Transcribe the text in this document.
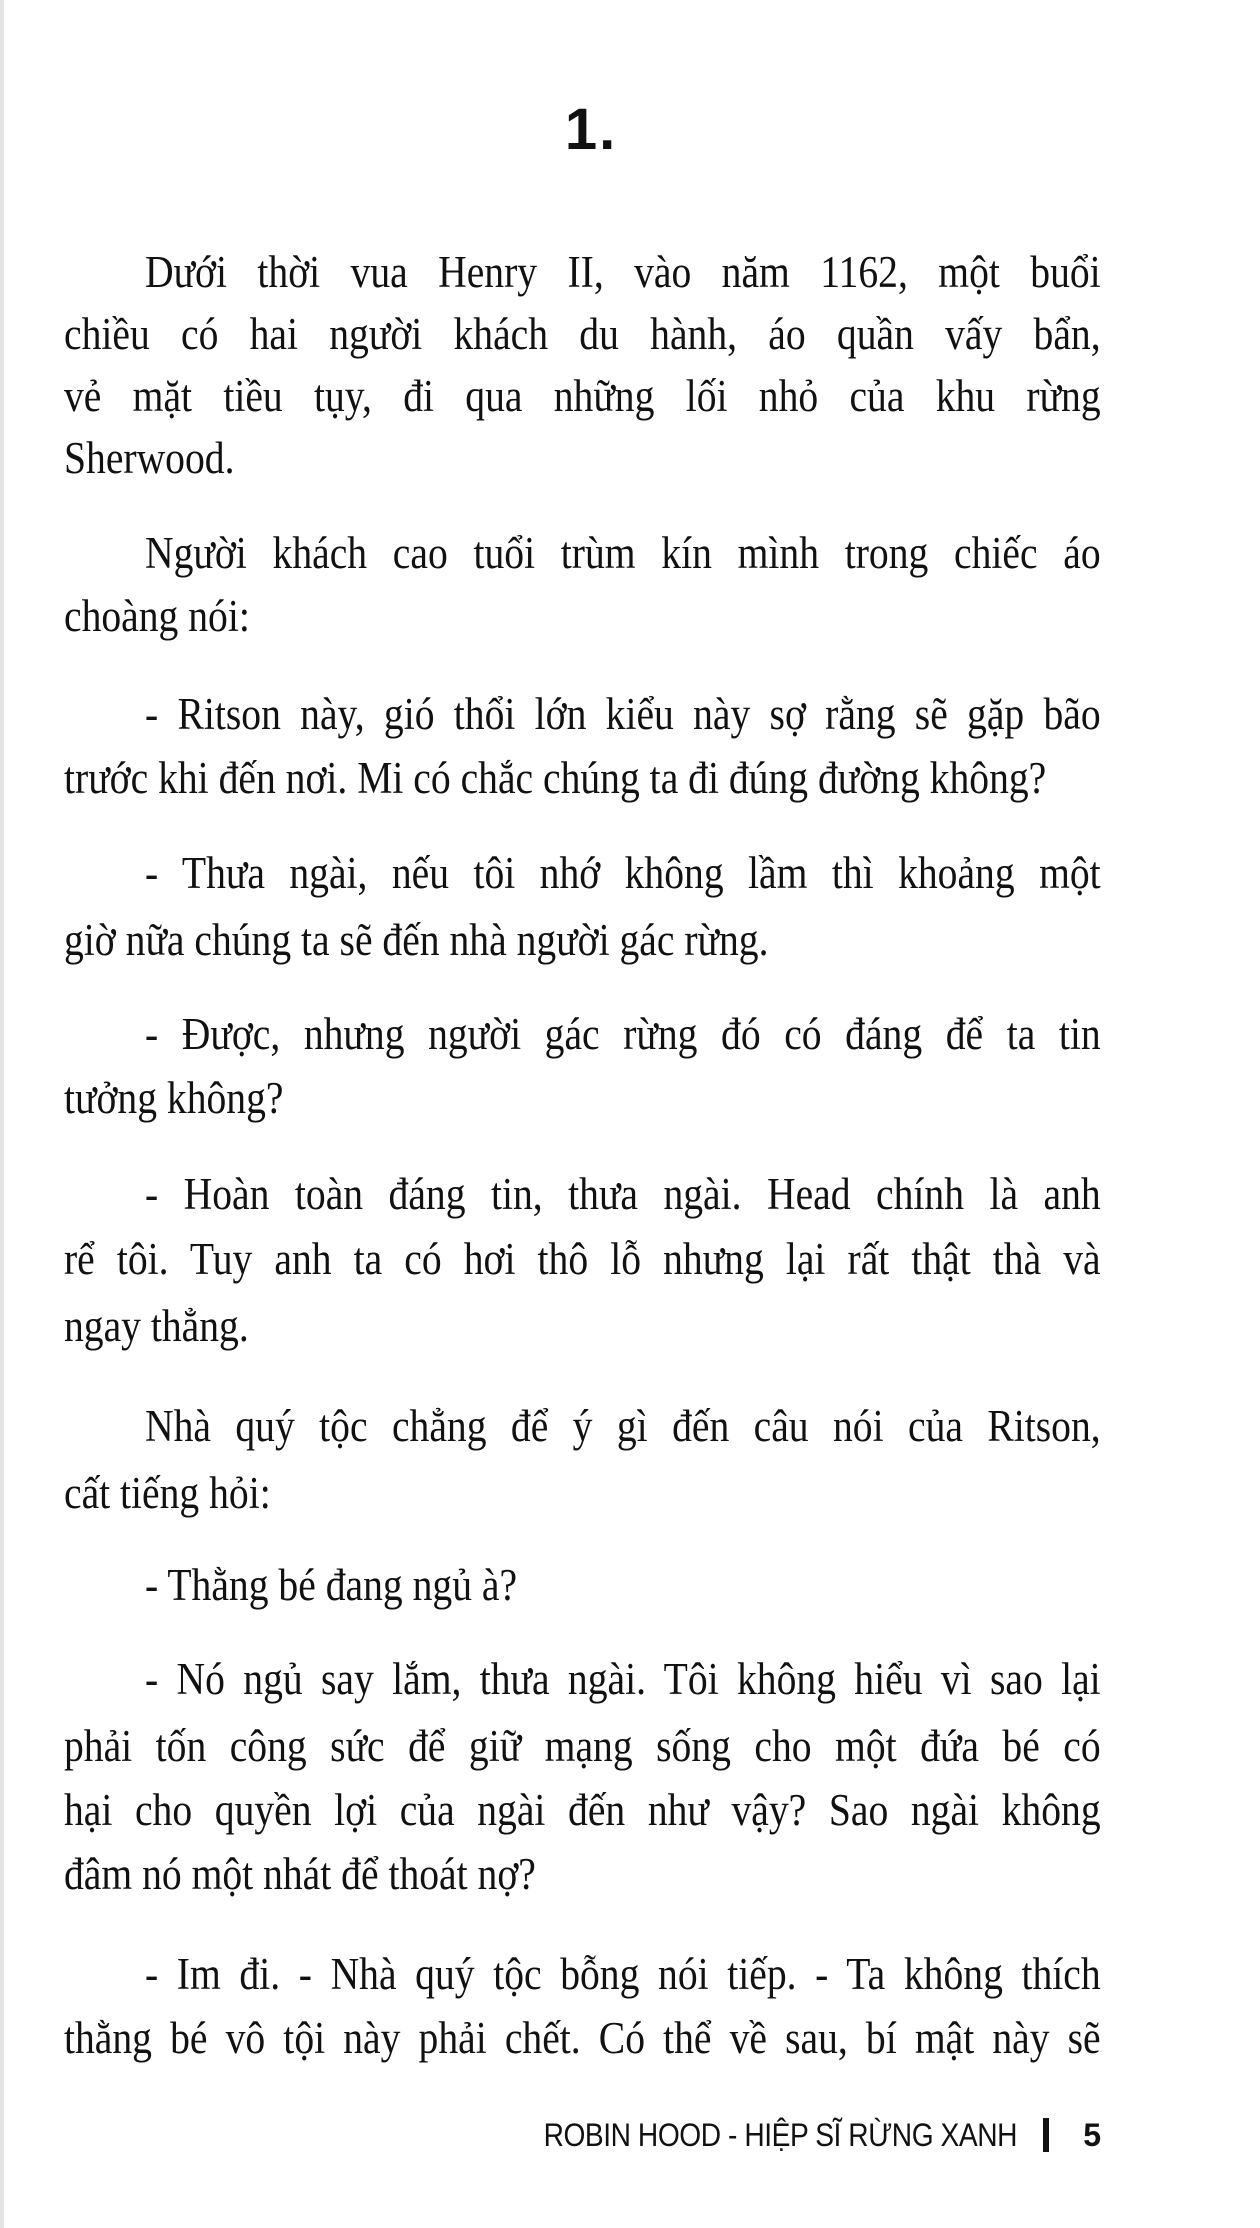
1.
Dưới thời vua Henry II, vào năm 1162, một buổi
chiều có hai người khách du hành, áo quần vấy bẩn,
vẻ mặt tiều tụy, đi qua những lối nhỏ của khu rừng
Sherwood.
Người khách cao tuổi trùm kín mình trong chiếc áo
choàng nói:
- Ritson này, gió thổi lớn kiểu này sợ rằng sẽ gặp bão
trước khi đến nơi. Mi có chắc chúng ta đi đúng đường không?
- Thưa ngài, nếu tôi nhớ không lầm thì khoảng một
giờ nữa chúng ta sẽ đến nhà người gác rừng.
- Được, nhưng người gác rừng đó có đáng để ta tin
tưởng không?
- Hoàn toàn đáng tin, thưa ngài. Head chính là anh
rể tôi. Tuy anh ta có hơi thô lỗ nhưng lại rất thật thà và
ngay thẳng.
Nhà quý tộc chẳng để ý gì đến câu nói của Ritson,
cất tiếng hỏi:
- Thằng bé đang ngủ à?
- Nó ngủ say lắm, thưa ngài. Tôi không hiểu vì sao lại
phải tốn công sức để giữ mạng sống cho một đứa bé có
hại cho quyền lợi của ngài đến như vậy? Sao ngài không
đâm nó một nhát để thoát nợ?
- Im đi. - Nhà quý tộc bỗng nói tiếp. - Ta không thích
thằng bé vô tội này phải chết. Có thể về sau, bí mật này sẽ
ROBIN HOOD - HIỆP SĨ RỪNG XANH 5
